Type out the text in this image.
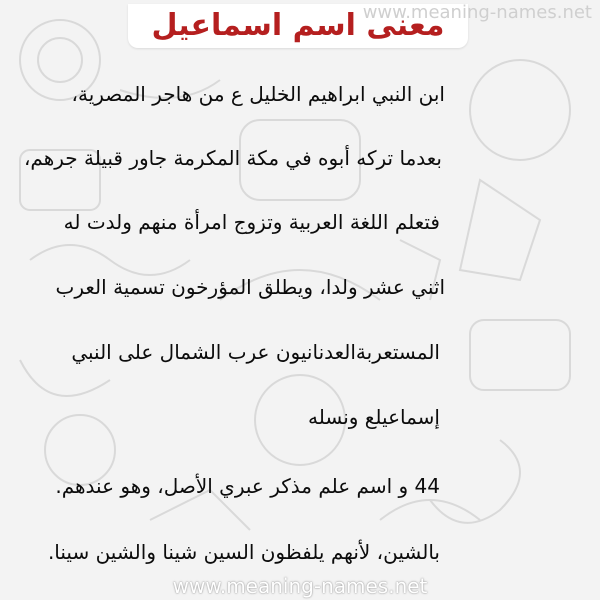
معنى اسم اسماعيل
www.meaning-names.net
ابن النبي ابراهيم الخليل ع من هاجر المصرية،
بعدما تركه أبوه في مكة المكرمة جاور قبيلة جرهم،
فتعلم اللغة العربية وتزوج امرأة منهم ولدت له
اثني عشر ولدا، ويطلق المؤرخون تسمية العرب
المستعربةالعدنانيون عرب الشمال على النبي
إسماعيلع ونسله
44 و اسم علم مذكر عبري الأصل، وهو عندهم.
بالشين، لأنهم يلفظون السين شينا والشين سينا.
www.meaning-names.net
